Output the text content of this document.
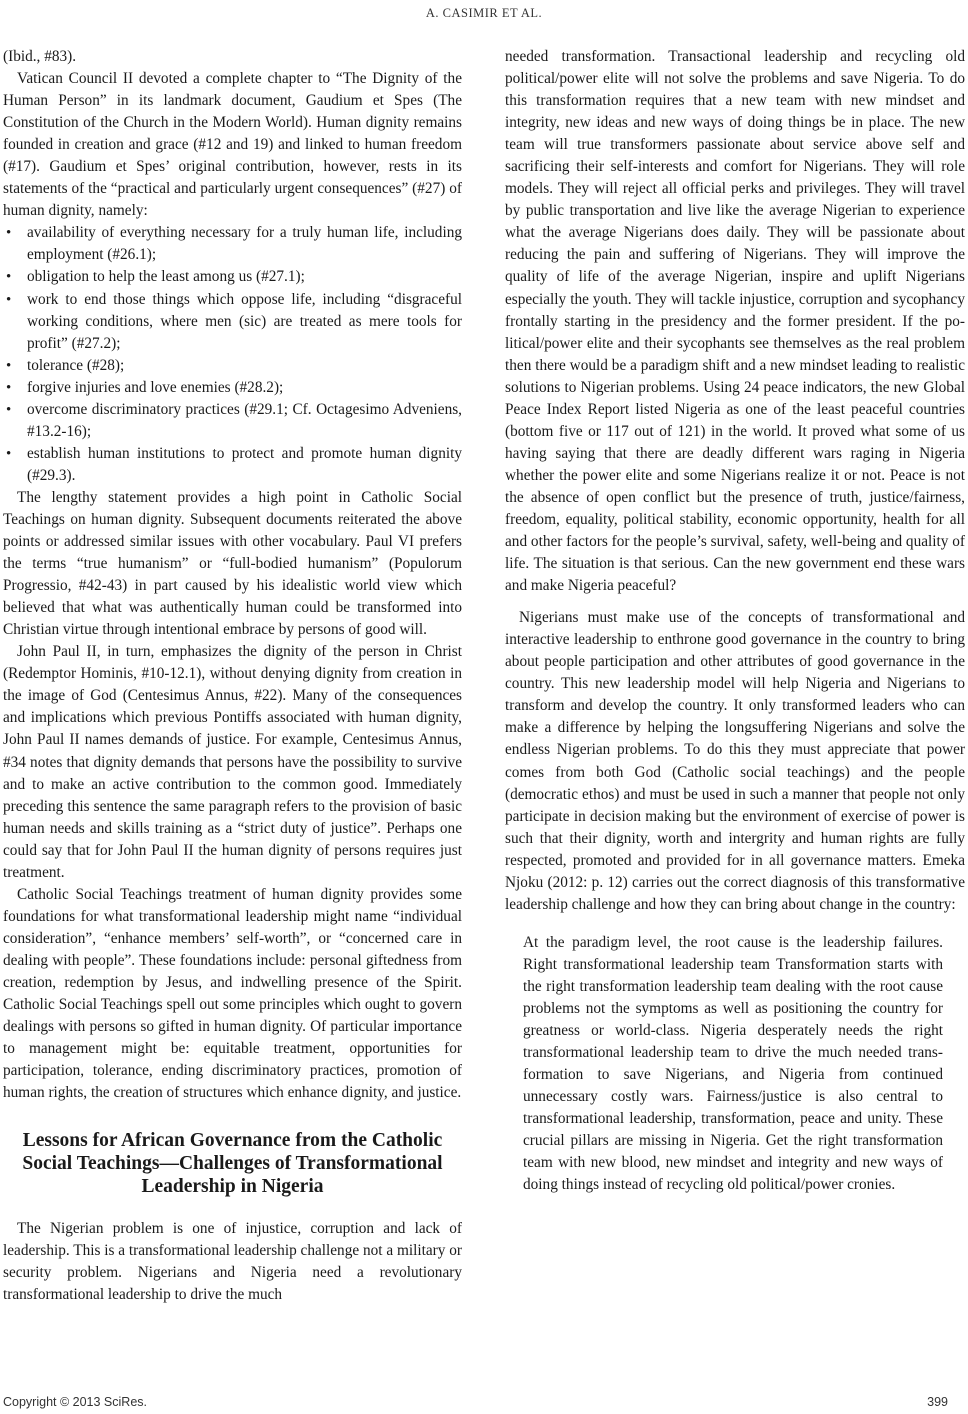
A. CASIMIR ET AL.

(Ibid., #83).

Vatican Council II devoted a complete chapter to “The Dignity of the Human Person” in its landmark document, Gaudium et Spes (The Constitution of the Church in the Modern World). Human dignity remains founded in creation and grace (#12 and 19) and linked to human freedom (#17). Gaudium et Spes’ original contribution, however, rests in its statements of the “practical and particularly urgent consequences” (#27) of human dignity, namely:

• availability of everything necessary for a truly human life, including employment (#26.1);
• obligation to help the least among us (#27.1);
• work to end those things which oppose life, including “disgraceful working conditions, where men (sic) are treated as mere tools for profit” (#27.2);
• tolerance (#28);
• forgive injuries and love enemies (#28.2);
• overcome discriminatory practices (#29.1; Cf. Octagesimo Adveniens, #13.2-16);
• establish human institutions to protect and promote human dignity (#29.3).

The lengthy statement provides a high point in Catholic Social Teachings on human dignity. Subsequent documents reiterated the above points or addressed similar issues with other vocabulary. Paul VI prefers the terms “true humanism” or “full-bodied humanism” (Populorum Progressio, #42-43) in part caused by his idealistic world view which believed that what was authentically human could be transformed into Christian virtue through intentional embrace by persons of good will.

John Paul II, in turn, emphasizes the dignity of the person in Christ (Redemptor Hominis, #10-12.1), without denying dignity from creation in the image of God (Centesimus Annus, #22). Many of the consequences and implications which previous Pontiffs associated with human dignity, John Paul II names demands of justice. For example, Centesimus Annus, #34 notes that dignity demands that persons have the possibility to survive and to make an active contribution to the common good. Immediately preceding this sentence the same paragraph refers to the provision of basic human needs and skills training as a “strict duty of justice”. Perhaps one could say that for John Paul II the human dignity of persons requires just treatment.

Catholic Social Teachings treatment of human dignity provides some foundations for what transformational leadership might name “individual consideration”, “enhance members’ self-worth”, or “concerned care in dealing with people”. These foundations include: personal giftedness from creation, redemption by Jesus, and indwelling presence of the Spirit. Catholic Social Teachings spell out some principles which ought to govern dealings with persons so gifted in human dignity. Of particular importance to management might be: equitable treatment, opportunities for participation, tolerance, ending discriminatory practices, promotion of human rights, the creation of structures which enhance dignity, and justice.

Lessons for African Governance from the Catholic Social Teachings—Challenges of Transformational Leadership in Nigeria

The Nigerian problem is one of injustice, corruption and lack of leadership. This is a transformational leadership challenge not a military or security problem. Nigerians and Nigeria need a revolutionary transformational leadership to drive the much

needed transformation. Transactional leadership and recycling old political/power elite will not solve the problems and save Nigeria. To do this transformation requires that a new team with new mindset and integrity, new ideas and new ways of doing things be in place. The new team will true transformers passionate about service above self and sacrificing their self-interests and comfort for Nigerians. They will role models. They will reject all official perks and privileges. They will travel by public transportation and live like the average Nigerian to experience what the average Nigerians does daily. They will be passionate about reducing the pain and suffering of Nigerians. They will improve the quality of life of the average Nigerian, inspire and uplift Nigerians especially the youth. They will tackle injustice, corruption and sycophancy frontally starting in the presidency and the former president. If the political/power elite and their sycophants see themselves as the real problem then there would be a paradigm shift and a new mindset leading to realistic solutions to Nigerian problems. Using 24 peace indicators, the new Global Peace Index Report listed Nigeria as one of the least peaceful countries (bottom five or 117 out of 121) in the world. It proved what some of us having saying that there are deadly different wars raging in Nigeria whether the power elite and some Nigerians realize it or not. Peace is not the absence of open conflict but the presence of truth, justice/fairness, freedom, equality, political stability, economic opportunity, health for all and other factors for the people’s survival, safety, well-being and quality of life. The situation is that serious. Can the new government end these wars and make Nigeria peaceful?

Nigerians must make use of the concepts of transformational and interactive leadership to enthrone good governance in the country to bring about people participation and other attributes of good governance in the country. This new leadership model will help Nigeria and Nigerians to transform and develop the country. It only transformed leaders who can make a difference by helping the longsuffering Nigerians and solve the endless Nigerian problems. To do this they must appreciate that power comes from both God (Catholic social teachings) and the people (democratic ethos) and must be used in such a manner that people not only participate in decision making but the environment of exercise of power is such that their dignity, worth and intergrity and human rights are fully respected, promoted and provided for in all governance matters. Emeka Njoku (2012: p. 12) carries out the correct diagnosis of this transformative leadership challenge and how they can bring about change in the country:

At the paradigm level, the root cause is the leadership failures. Right transformational leadership team Transformation starts with the right transformation leadership team dealing with the root cause problems not the symptoms as well as positioning the country for greatness or world-class. Nigeria desperately needs the right transformational leadership team to drive the much needed transformation to save Nigerians, and Nigeria from continued unnecessary costly wars. Fairness/justice is also central to transformational leadership, transformation, peace and unity. These crucial pillars are missing in Nigeria. Get the right transformation team with new blood, new mindset and integrity and new ways of doing things instead of recycling old political/power cronies.
Copyright © 2013 SciRes.	399
